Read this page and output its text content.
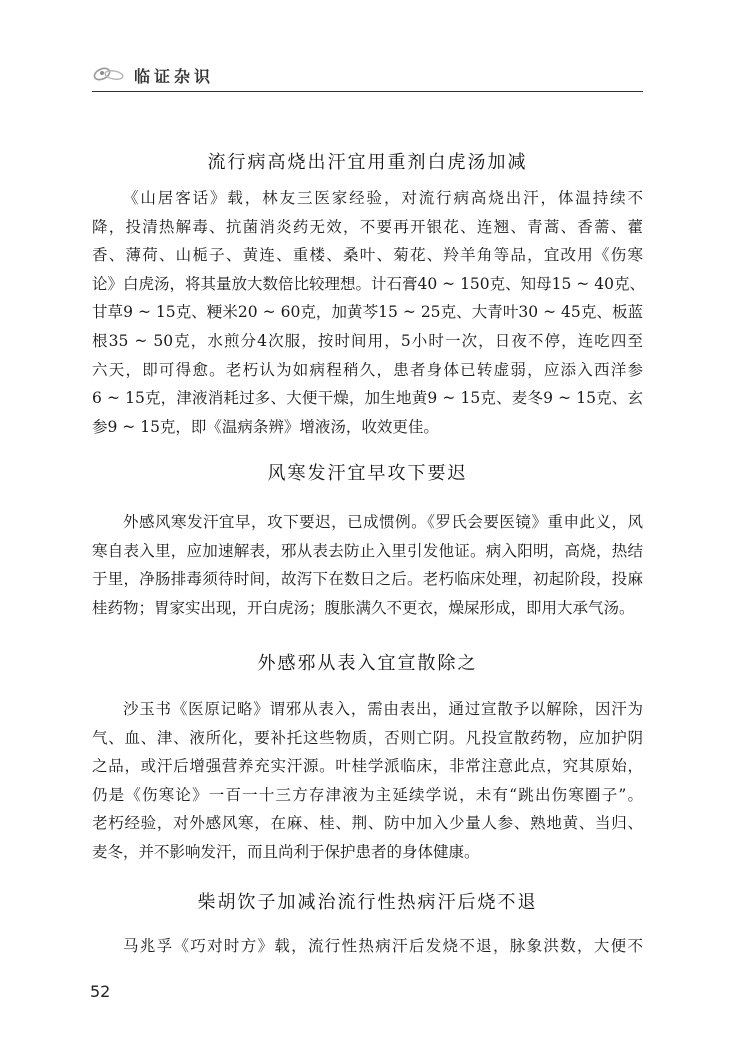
临证杂识
流行病高烧出汗宜用重剂白虎汤加减
《山居客话》载，林友三医家经验，对流行病高烧出汗，体温持续不
降，投清热解毒、抗菌消炎药无效，不要再开银花、连翘、青蒿、香薷、藿
香、薄荷、山栀子、黄连、重楼、桑叶、菊花、羚羊角等品，宜改用《伤寒
论》白虎汤，将其量放大数倍比较理想。计石膏40 ~ 150克、知母15 ~ 40克、
甘草9 ~ 15克、粳米20 ~ 60克，加黄芩15 ~ 25克、大青叶30 ~ 45克、板蓝
根35 ~ 50克，水煎分4次服，按时间用，5小时一次，日夜不停，连吃四至
六天，即可得愈。老朽认为如病程稍久，患者身体已转虚弱，应添入西洋参
6 ~ 15克，津液消耗过多、大便干燥，加生地黄9 ~ 15克、麦冬9 ~ 15克、玄
参9 ~ 15克，即《温病条辨》增液汤，收效更佳。
风寒发汗宜早攻下要迟
外感风寒发汗宜早，攻下要迟，已成惯例。《罗氏会要医镜》重申此义，风
寒自表入里，应加速解表，邪从表去防止入里引发他证。病入阳明，高烧，热结
于里，净肠排毒须待时间，故泻下在数日之后。老朽临床处理，初起阶段，投麻
桂药物；胃家实出现，开白虎汤；腹胀满久不更衣，燥屎形成，即用大承气汤。
外感邪从表入宜宣散除之
沙玉书《医原记略》谓邪从表入，需由表出，通过宣散予以解除，因汗为
气、血、津、液所化，要补托这些物质，否则亡阴。凡投宣散药物，应加护阴
之品，或汗后增强营养充实汗源。叶桂学派临床，非常注意此点，究其原始，
仍是《伤寒论》一百一十三方存津液为主延续学说，未有“跳出伤寒圈子”。
老朽经验，对外感风寒，在麻、桂、荆、防中加入少量人参、熟地黄、当归、
麦冬，并不影响发汗，而且尚利于保护患者的身体健康。
柴胡饮子加减治流行性热病汗后烧不退
马兆孚《巧对时方》载，流行性热病汗后发烧不退，脉象洪数，大便不
52
